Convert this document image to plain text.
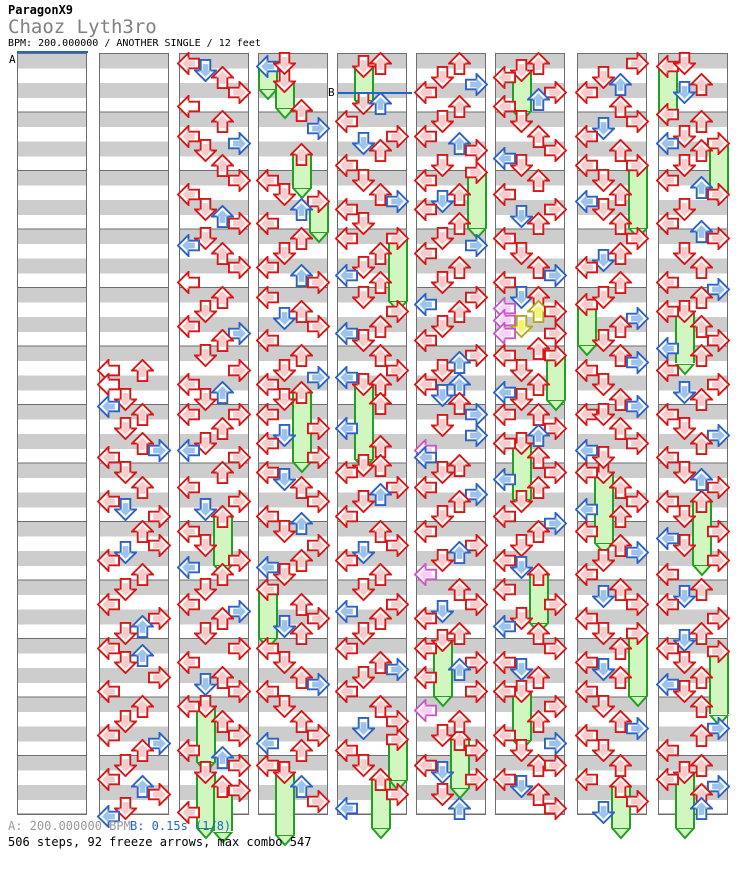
ParagonX9
Chaoz Lyth3ro
BPM: 200.000000 / ANOTHER SINGLE / 12 feet
A
B
A: 200.000000 BPM B: 0.15s (1/8)
506 steps, 92 freeze arrows, max combo 547
